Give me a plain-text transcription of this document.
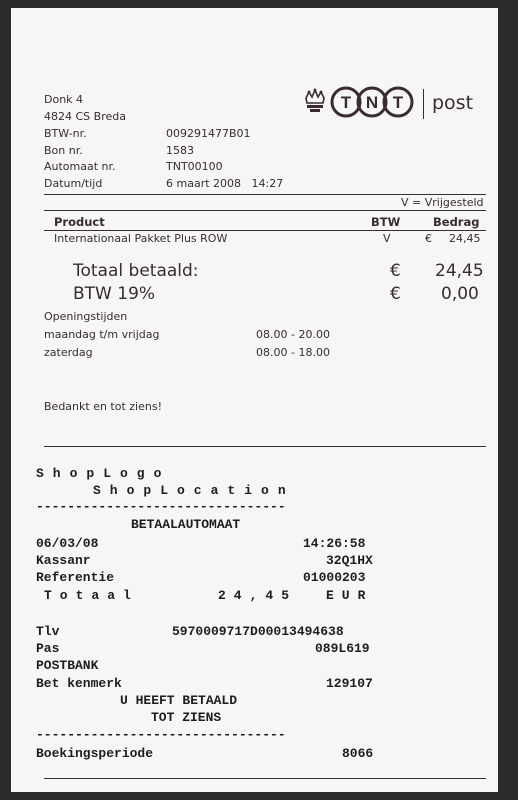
Donk 4
4824 CS Breda
BTW-nr.	009291477B01
Bon nr.	1583
Automaat nr.	TNT00100
Datum/tijd	6 maart 2008   14:27
T N T post
V = Vrijgesteld
Product	BTW	Bedrag
Internationaal Pakket Plus ROW	V	€ 24,45
Totaal betaald:	€ 24,45
BTW 19%	€ 0,00
Openingstijden
maandag t/m vrijdag	08.00 - 20.00
zaterdag	08.00 - 18.00
Bedankt en tot ziens!
ShopLogo
ShopLocation
--------------------------------
BETAALAUTOMAAT
06/03/08	14:26:58
Kassanr	32Q1HX
Referentie	01000203
Totaal	24,45 EUR
Tlv	5970009717D00013494638
Pas	089L619
POSTBANK
Bet kenmerk	129107
U HEEFT BETAALD
TOT ZIENS
--------------------------------
Boekingsperiode	8066
